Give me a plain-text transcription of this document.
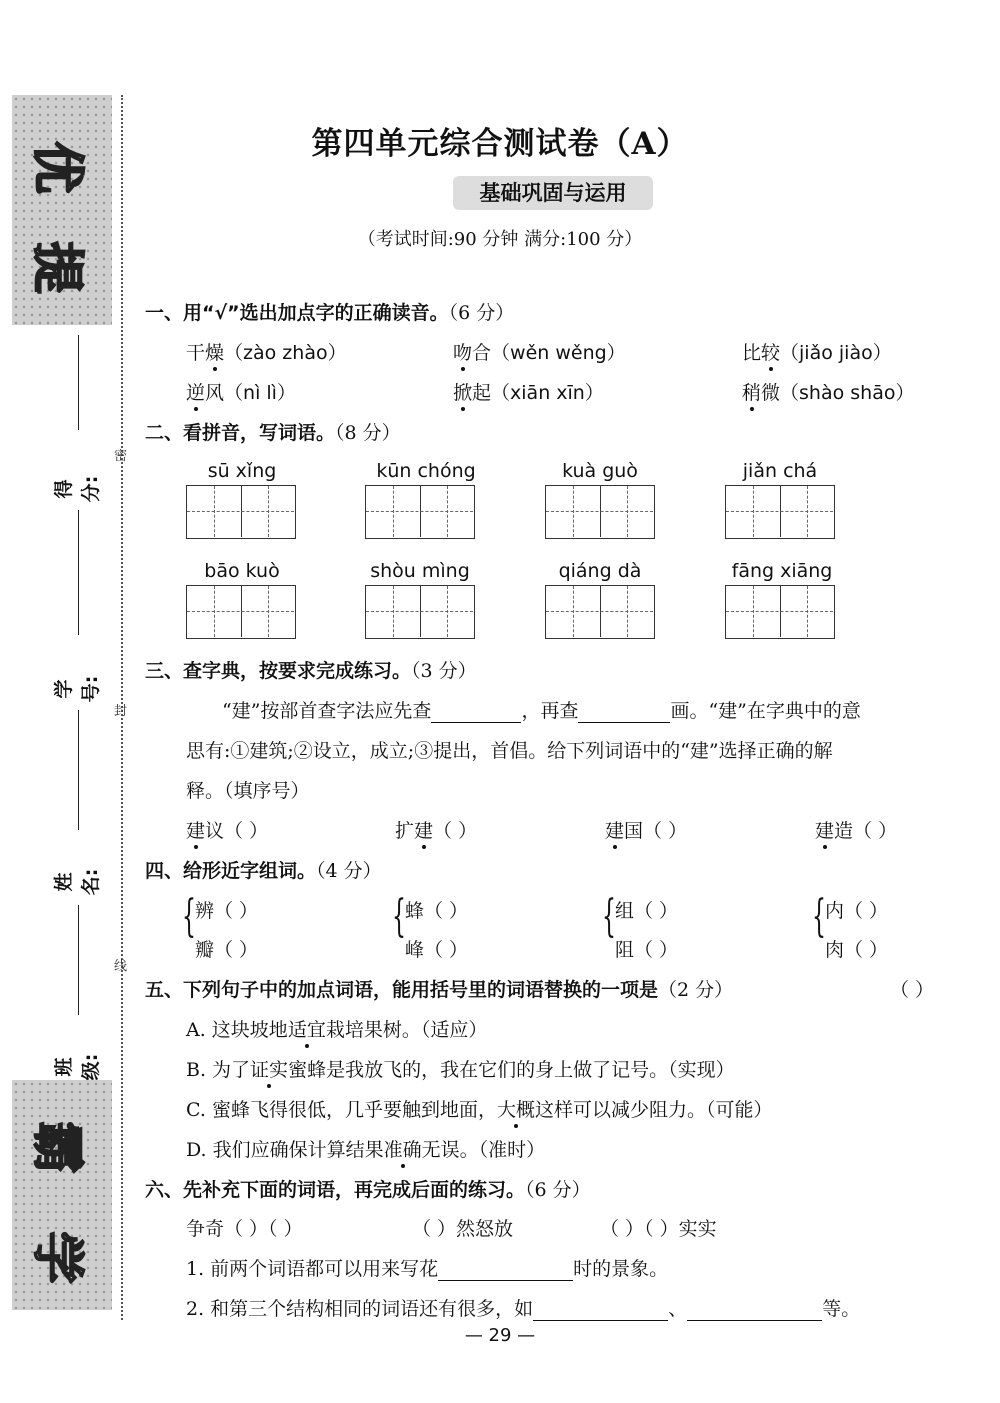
优
提
霸
学
得分:
学号:
姓名:
班级:
密
封
线
第四单元综合测试卷（A）
基础巩固与运用
（考试时间:90 分钟 满分:100 分）
一、用“√”选出加点字的正确读音。（6 分）
干燥（zào zhào）	吻合（wěn wěng）	比较（jiǎo jiào）
逆风（nì lì）	掀起（xiān xīn）	稍微（shào shāo）
二、看拼音，写词语。（8 分）
sū xǐng	kūn chóng	kuà guò	jiǎn chá
bāo kuò	shòu mìng	qiáng dà	fāng xiāng
三、查字典，按要求完成练习。（3 分）
“建”按部首查字法应先查	，再查	画。“建”在字典中的意
思有:①建筑;②设立，成立;③提出，首倡。给下列词语中的“建”选择正确的解
释。（填序号）
建议（ ）	扩建（ ）	建国（ ）	建造（ ）
四、给形近字组词。（4 分）
{ 辨（ ）
瓣（ ）
{ 蜂（ ）
峰（ ）
{ 组（ ）
阻（ ）
{ 内（ ）
肉（ ）
五、下列句子中的加点词语，能用括号里的词语替换的一项是（2 分）	（ ）
A. 这块坡地适宜栽培果树。（适应）
B. 为了证实蜜蜂是我放飞的，我在它们的身上做了记号。（实现）
C. 蜜蜂飞得很低，几乎要触到地面，大概这样可以减少阻力。（可能）
D. 我们应确保计算结果准确无误。（准时）
六、先补充下面的词语，再完成后面的练习。（6 分）
争奇（ ）（ ）	（ ）然怒放	（ ）（ ）实实
1. 前两个词语都可以用来写花	时的景象。
2. 和第三个结构相同的词语还有很多，如	、	等。
— 29 —
